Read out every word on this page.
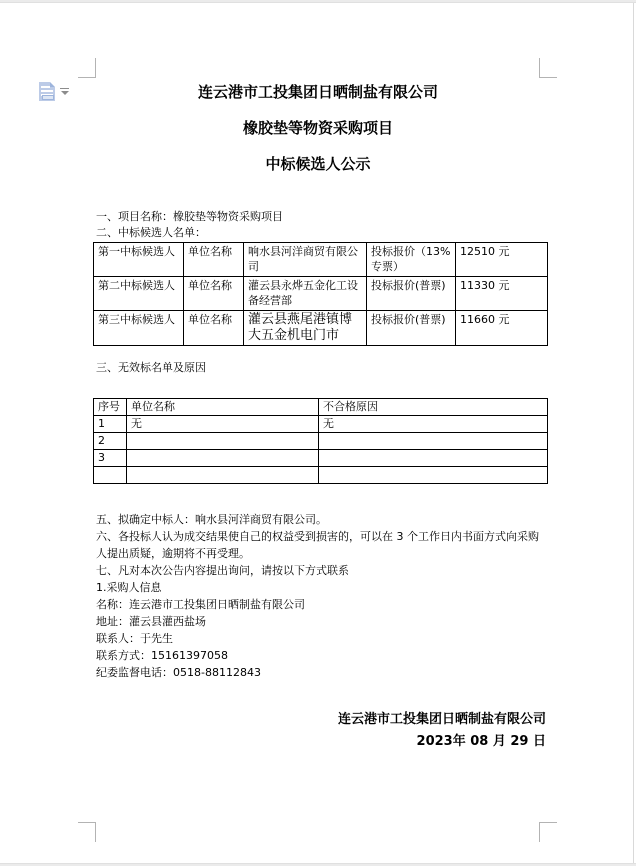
连云港市工投集团日晒制盐有限公司
橡胶垫等物资采购项目
中标候选人公示
一、项目名称：橡胶垫等物资采购项目
二、中标候选人名单：
第一中标候选人	单位名称	响水县河洋商贸有限公司	投标报价（13%专票）	12510 元
第二中标候选人	单位名称	灌云县永烨五金化工设备经营部	投标报价(普票)	11330 元
第三中标候选人	单位名称	灌云县燕尾港镇博大五金机电门市	投标报价(普票)	11660 元
三、无效标名单及原因
序号	单位名称	不合格原因
1	无	无
2		
3		

五、拟确定中标人：响水县河洋商贸有限公司。
六、各投标人认为成交结果使自己的权益受到损害的，可以在 3 个工作日内书面方式向采购
人提出质疑，逾期将不再受理。
七、凡对本次公告内容提出询问，请按以下方式联系
1.采购人信息
名称：连云港市工投集团日晒制盐有限公司
地址：灌云县灌西盐场
联系人：于先生
联系方式：15161397058
纪委监督电话：0518-88112843
连云港市工投集团日晒制盐有限公司
2023年 08 月 29 日
